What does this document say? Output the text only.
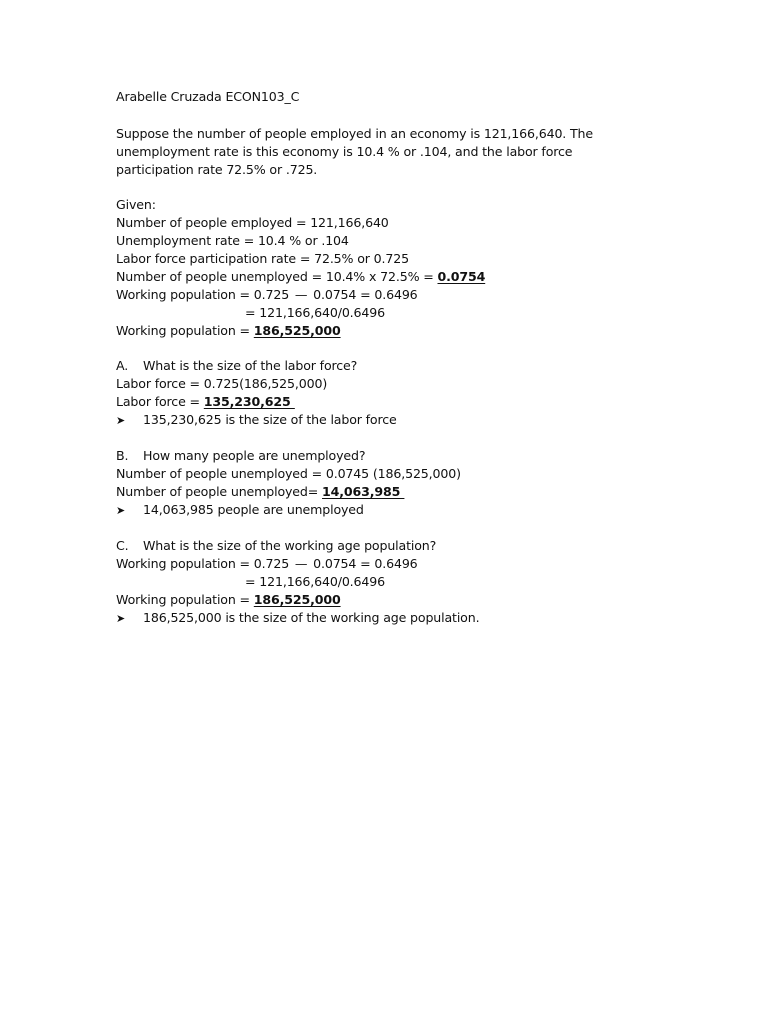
Arabelle Cruzada ECON103_C
Suppose the number of people employed in an economy is 121,166,640. The
unemployment rate is this economy is 10.4 % or .104, and the labor force
participation rate 72.5% or .725.
Given:
Number of people employed = 121,166,640
Unemployment rate = 10.4 % or .104
Labor force participation rate = 72.5% or 0.725
Number of people unemployed = 10.4% x 72.5% = 0.0754
Working population = 0.725 — 0.0754 = 0.6496
= 121,166,640/0.6496
Working population = 186,525,000
A. What is the size of the labor force?
Labor force = 0.725(186,525,000)
Labor force = 135,230,625
➤	135,230,625 is the size of the labor force
B. How many people are unemployed?
Number of people unemployed = 0.0745 (186,525,000)
Number of people unemployed= 14,063,985
➤	14,063,985 people are unemployed
C. What is the size of the working age population?
Working population = 0.725 — 0.0754 = 0.6496
= 121,166,640/0.6496
Working population = 186,525,000
➤	186,525,000 is the size of the working age population.
